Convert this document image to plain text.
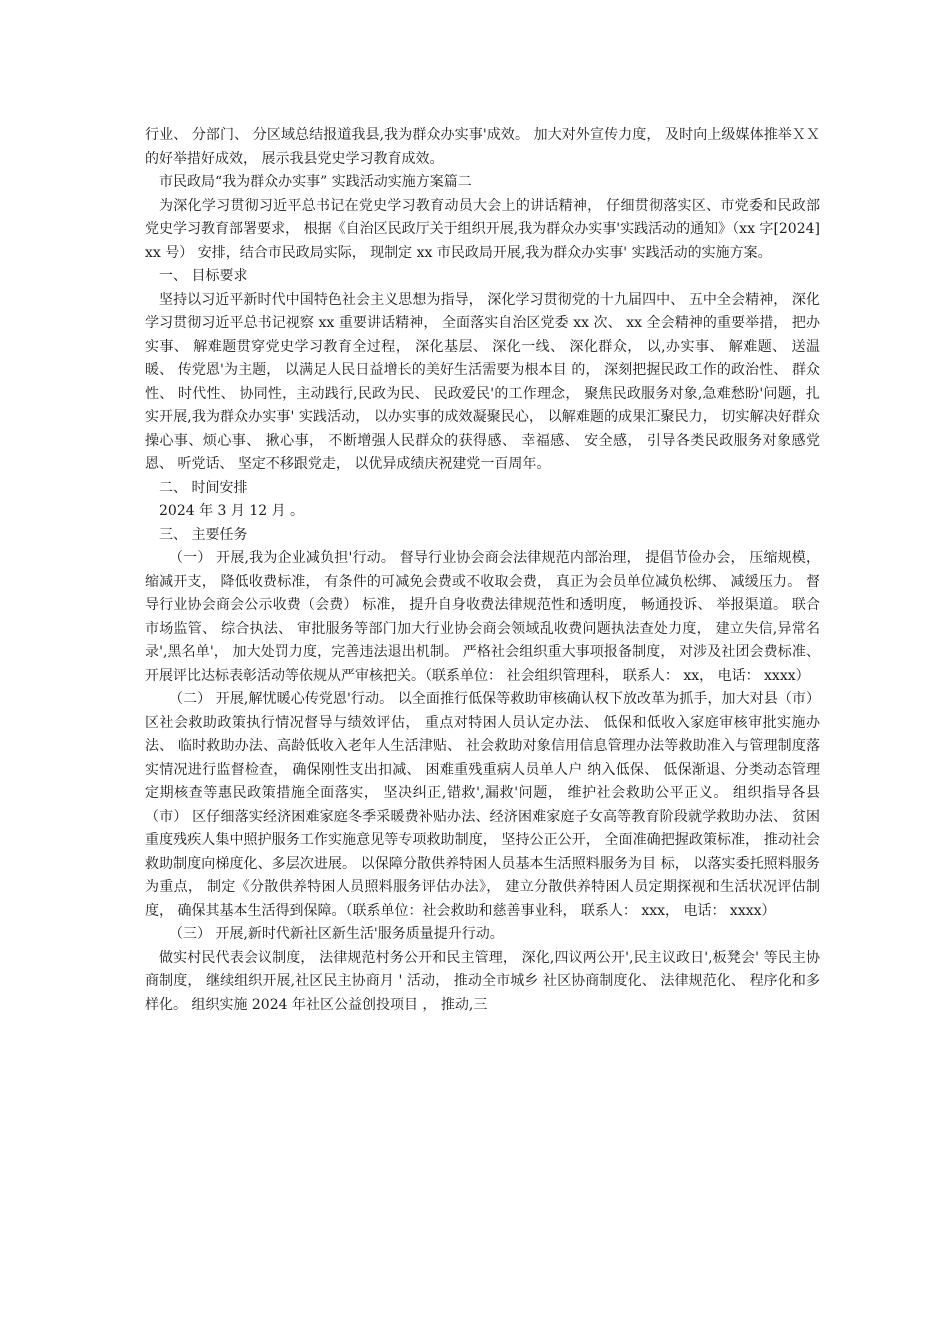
行业、 分部门、 分区域总结报道我县,我为群众办实事'成效。 加大对外宣传力度， 及时向上级媒体推举ＸＸ的好举措好成效， 展示我县党史学习教育成效。

市民政局“我为群众办实事” 实践活动实施方案篇二

为深化学习贯彻习近平总书记在党史学习教育动员大会上的讲话精神， 仔细贯彻落实区、市党委和民政部党史学习教育部署要求， 根据《自治区民政厅关于组织开展,我为群众办实事'实践活动的通知》（xx 字[2024] xx 号） 安排，结合市民政局实际， 现制定 xx 市民政局开展,我为群众办实事' 实践活动的实施方案。

一、 目标要求

坚持以习近平新时代中国特色社会主义思想为指导， 深化学习贯彻党的十九届四中、 五中全会精神， 深化学习贯彻习近平总书记视察 xx 重要讲话精神， 全面落实自治区党委 xx 次、 xx 全会精神的重要举措， 把办实事、 解难题贯穿党史学习教育全过程， 深化基层、 深化一线、 深化群众， 以,办实事、 解难题、 送温暖、 传党恩'为主题， 以满足人民日益增长的美好生活需要为根本目 的， 深刻把握民政工作的政治性、 群众性、 时代性、 协同性，主动践行,民政为民、 民政爱民'的工作理念， 聚焦民政服务对象,急难愁盼'问题，扎实开展,我为群众办实事' 实践活动， 以办实事的成效凝聚民心， 以解难题的成果汇聚民力， 切实解决好群众操心事、烦心事、 揪心事， 不断增强人民群众的获得感、 幸福感、 安全感， 引导各类民政服务对象感党恩、 听党话、 坚定不移跟党走， 以优异成绩庆祝建党一百周年。

二、 时间安排

2024 年 3 月 12 月 。

三、 主要任务

（一） 开展,我为企业减负担'行动。 督导行业协会商会法律规范内部治理， 提倡节俭办会， 压缩规模， 缩减开支， 降低收费标准， 有条件的可减免会费或不收取会费， 真正为会员单位减负松绑、 减缓压力。 督导行业协会商会公示收费（会费） 标准， 提升自身收费法律规范性和透明度， 畅通投诉、 举报渠道。 联合市场监管、 综合执法、 审批服务等部门加大行业协会商会领域乱收费问题执法查处力度， 建立失信,异常名录',黑名单'， 加大处罚力度，完善违法退出机制。 严格社会组织重大事项报备制度， 对涉及社团会费标准、 开展评比达标表彰活动等依规从严审核把关。（联系单位： 社会组织管理科， 联系人： xx， 电话： xxxx）

（二） 开展,解忧暖心传党恩'行动。 以全面推行低保等救助审核确认权下放改革为抓手，加大对县（市） 区社会救助政策执行情况督导与绩效评估， 重点对特困人员认定办法、 低保和低收入家庭审核审批实施办法、 临时救助办法、高龄低收入老年人生活津贴、 社会救助对象信用信息管理办法等救助准入与管理制度落实情况进行监督检查， 确保刚性支出扣减、 困难重残重病人员单人户 纳入低保、 低保渐退、分类动态管理定期核查等惠民政策措施全面落实， 坚决纠正,错救',漏救'问题， 维护社会救助公平正义。 组织指导各县（市） 区仔细落实经济困难家庭冬季采暖费补贴办法、经济困难家庭子女高等教育阶段就学救助办法、 贫困重度残疾人集中照护服务工作实施意见等专项救助制度， 坚持公正公开， 全面准确把握政策标准， 推动社会救助制度向梯度化、多层次进展。 以保障分散供养特困人员基本生活照料服务为目 标， 以落实委托照料服务为重点， 制定《分散供养特困人员照料服务评估办法》， 建立分散供养特困人员定期探视和生活状况评估制度， 确保其基本生活得到保障。（联系单位：社会救助和慈善事业科， 联系人： xxx， 电话： xxxx）

（三） 开展,新时代新社区新生活'服务质量提升行动。

做实村民代表会议制度， 法律规范村务公开和民主管理， 深化,四议两公开',民主议政日',板凳会' 等民主协商制度， 继续组织开展,社区民主协商月 ' 活动， 推动全市城乡 社区协商制度化、 法律规范化、 程序化和多样化。 组织实施 2024 年社区公益创投项目 ， 推动,三
